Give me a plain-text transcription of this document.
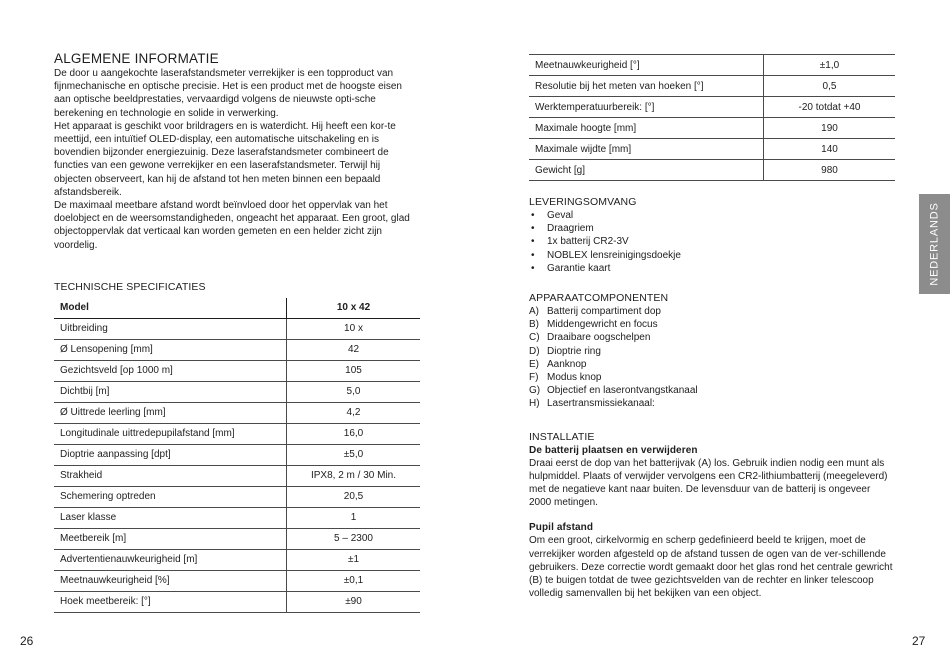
ALGEMENE INFORMATIE

De door u aangekochte laserafstandsmeter verrekijker is een topproduct van fijnmechanische en optische precisie. Het is een product met de hoogste eisen aan optische beeldprestaties, vervaardigd volgens de nieuwste opti-sche berekening en technologie en solide in verwerking.

Het apparaat is geschikt voor brildragers en is waterdicht. Hij heeft een kor-te meettijd, een intuïtief OLED-display, een automatische uitschakeling en is bovendien bijzonder energiezuinig. Deze laserafstandsmeter combineert de functies van een gewone verrekijker en een laserafstandsmeter. Terwijl hij objecten observeert, kan hij de afstand tot hen meten binnen een bepaald afstandsbereik.

De maximaal meetbare afstand wordt beïnvloed door het oppervlak van het doelobject en de weersomstandigheden, ongeacht het apparaat. Een groot, glad objectoppervlak dat verticaal kan worden gemeten en een helder zicht zijn voordelig.

TECHNISCHE SPECIFICATIES

Model	10 x 42
Uitbreiding	10 x
Ø Lensopening [mm]	42
Gezichtsveld [op 1000 m]	105
Dichtbij [m]	5,0
Ø Uittrede leerling [mm]	4,2
Longitudinale uittredepupilafstand [mm]	16,0
Dioptrie aanpassing [dpt]	±5,0
Strakheid	IPX8, 2 m / 30 Min.
Schemering optreden	20,5
Laser klasse	1
Meetbereik [m]	5 – 2300
Advertentienauwkeurigheid [m]	±1
Meetnauwkeurigheid [%]	±0,1
Hoek meetbereik: [°]	±90
Meetnauwkeurigheid [°]	±1,0
Resolutie bij het meten van hoeken [°]	0,5
Werktemperatuurbereik: [°]	-20 totdat +40
Maximale hoogte [mm]	190
Maximale wijdte [mm]	140
Gewicht [g]	980

LEVERINGSOMVANG

• Geval
• Draagriem
• 1x batterij CR2-3V
• NOBLEX lensreinigingsdoekje
• Garantie kaart

APPARAATCOMPONENTEN

A) Batterij compartiment dop
B) Middengewricht en focus
C) Draaibare oogschelpen
D) Dioptrie ring
E) Aanknop
F) Modus knop
G) Objectief en laserontvangstkanaal
H) Lasertransmissiekanaal:

INSTALLATIE

De batterij plaatsen en verwijderen

Draai eerst de dop van het batterijvak (A) los. Gebruik indien nodig een munt als hulpmiddel. Plaats of verwijder vervolgens een CR2-lithiumbatterij (meegeleverd) met de negatieve kant naar buiten. De levensduur van de batterij is ongeveer 2000 metingen.

Pupil afstand

Om een groot, cirkelvormig en scherp gedefinieerd beeld te krijgen, moet de verrekijker worden afgesteld op de afstand tussen de ogen van de ver-schillende gebruikers. Deze correctie wordt gemaakt door het glas rond het centrale gewricht (B) te buigen totdat de twee gezichtsvelden van de rechter en linker telescoop volledig samenvallen bij het bekijken van een object.

NEDERLANDS
26	27
